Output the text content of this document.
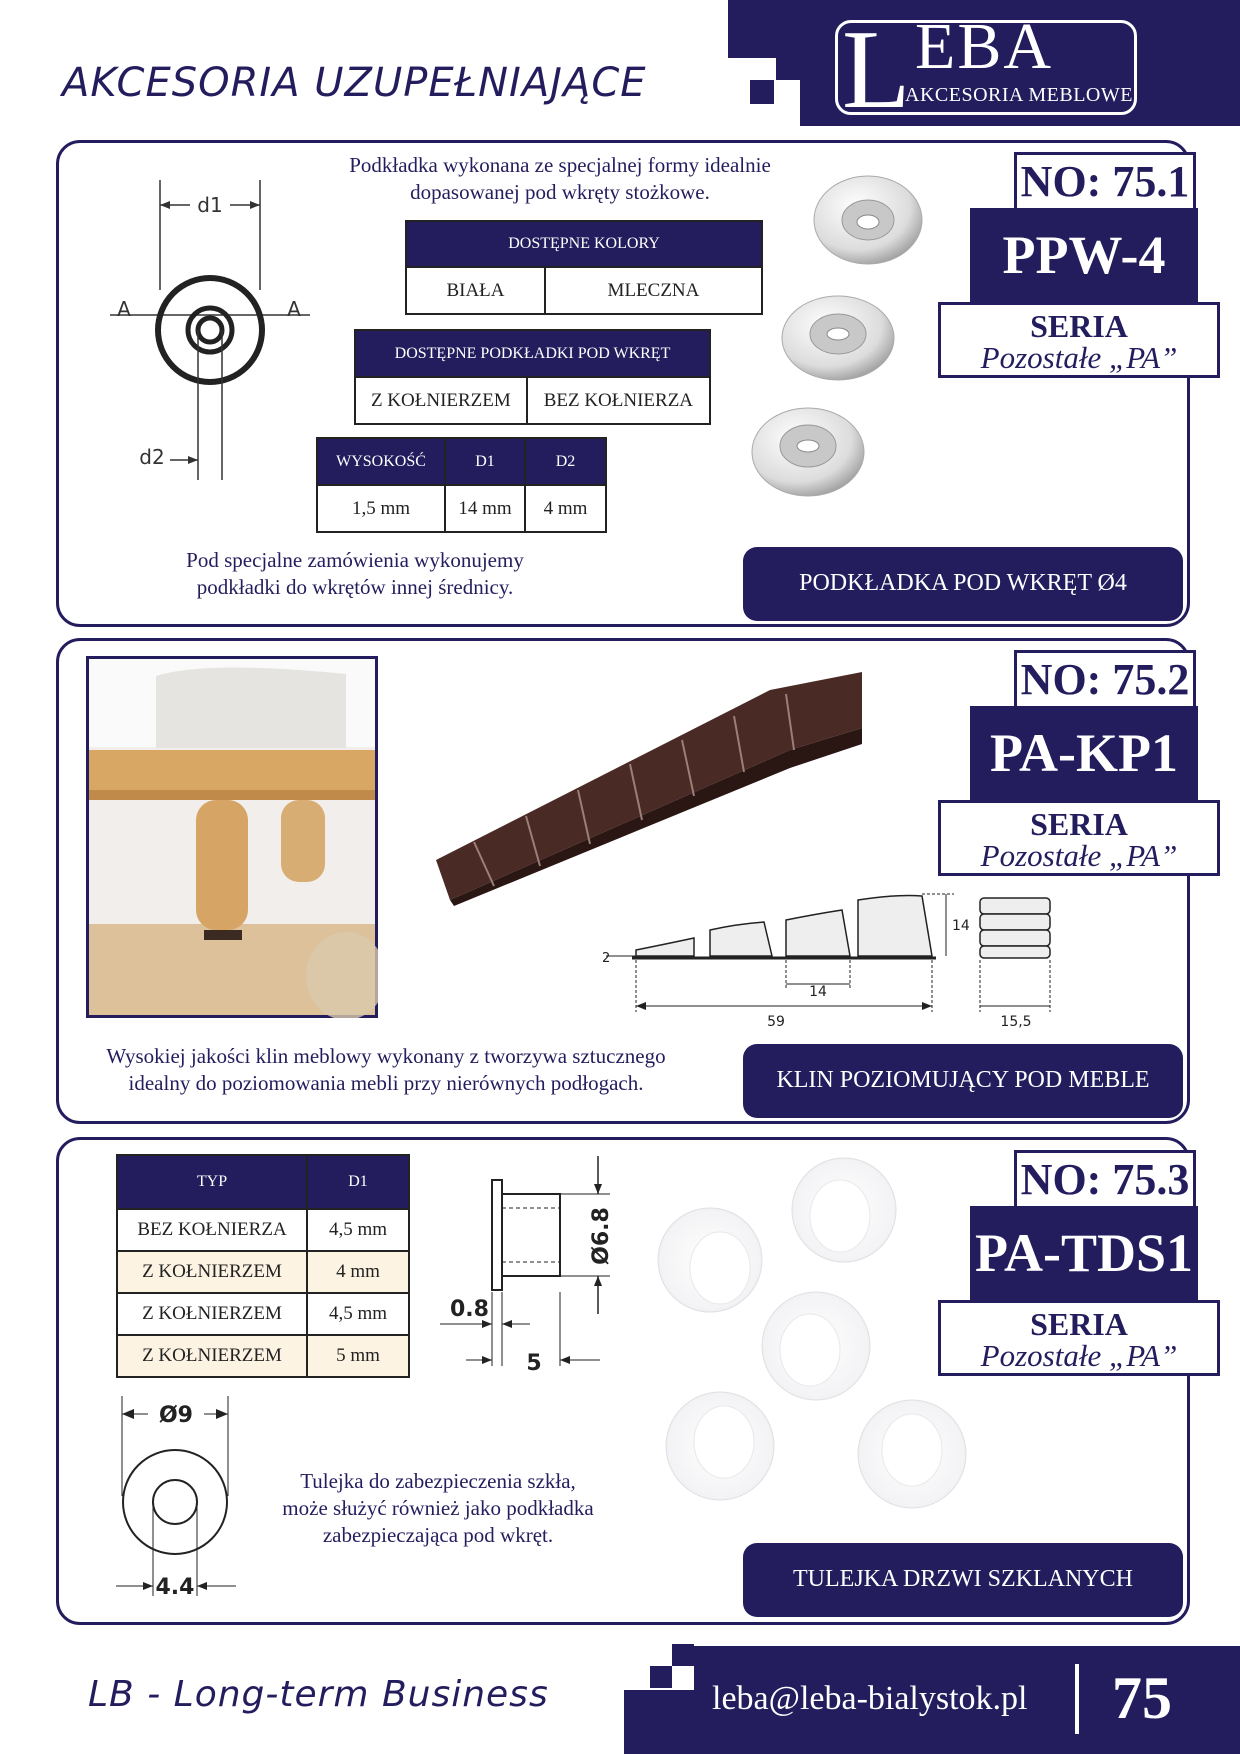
AKCESORIA UZUPEŁNIAJĄCE L EBA
AKCESORIA MEBLOWE
d1
A	A
d2
Podkładka wykonana ze specjalnej formy idealnie
dopasowanej pod wkręty stożkowe.
DOSTĘPNE KOLORY
BIAŁA	MLECZNA
DOSTĘPNE PODKŁADKI POD WKRĘT
Z KOŁNIERZEM	BEZ KOŁNIERZA
WYSOKOŚĆ	D1	D2
1,5 mm	14 mm	4 mm
Pod specjalne zamówienia wykonujemy
podkładki do wkrętów innej średnicy.
NO: 75.1
PPW-4
SERIA
Pozostałe „PA”
PODKŁADKA POD WKRĘT Ø4
2
14
14
59	15,5
Wysokiej jakości klin meblowy wykonany z tworzywa sztucznego
idealny do poziomowania mebli przy nierównych podłogach.
NO: 75.2
PA-KP1
SERIA
Pozostałe „PA”
KLIN POZIOMUJĄCY POD MEBLE
TYP	D1
BEZ KOŁNIERZA	4,5 mm
Z KOŁNIERZEM	4 mm
Z KOŁNIERZEM	4,5 mm
Z KOŁNIERZEM	5 mm
Ø6.8
0.8
5
Ø9
4.4
Tulejka do zabezpieczenia szkła,
może służyć również jako podkładka
zabezpieczająca pod wkręt.
NO: 75.3
PA-TDS1
SERIA
Pozostałe „PA”
TULEJKA DRZWI SZKLANYCH
LB - Long-term Business	leba@leba-bialystok.pl 75
